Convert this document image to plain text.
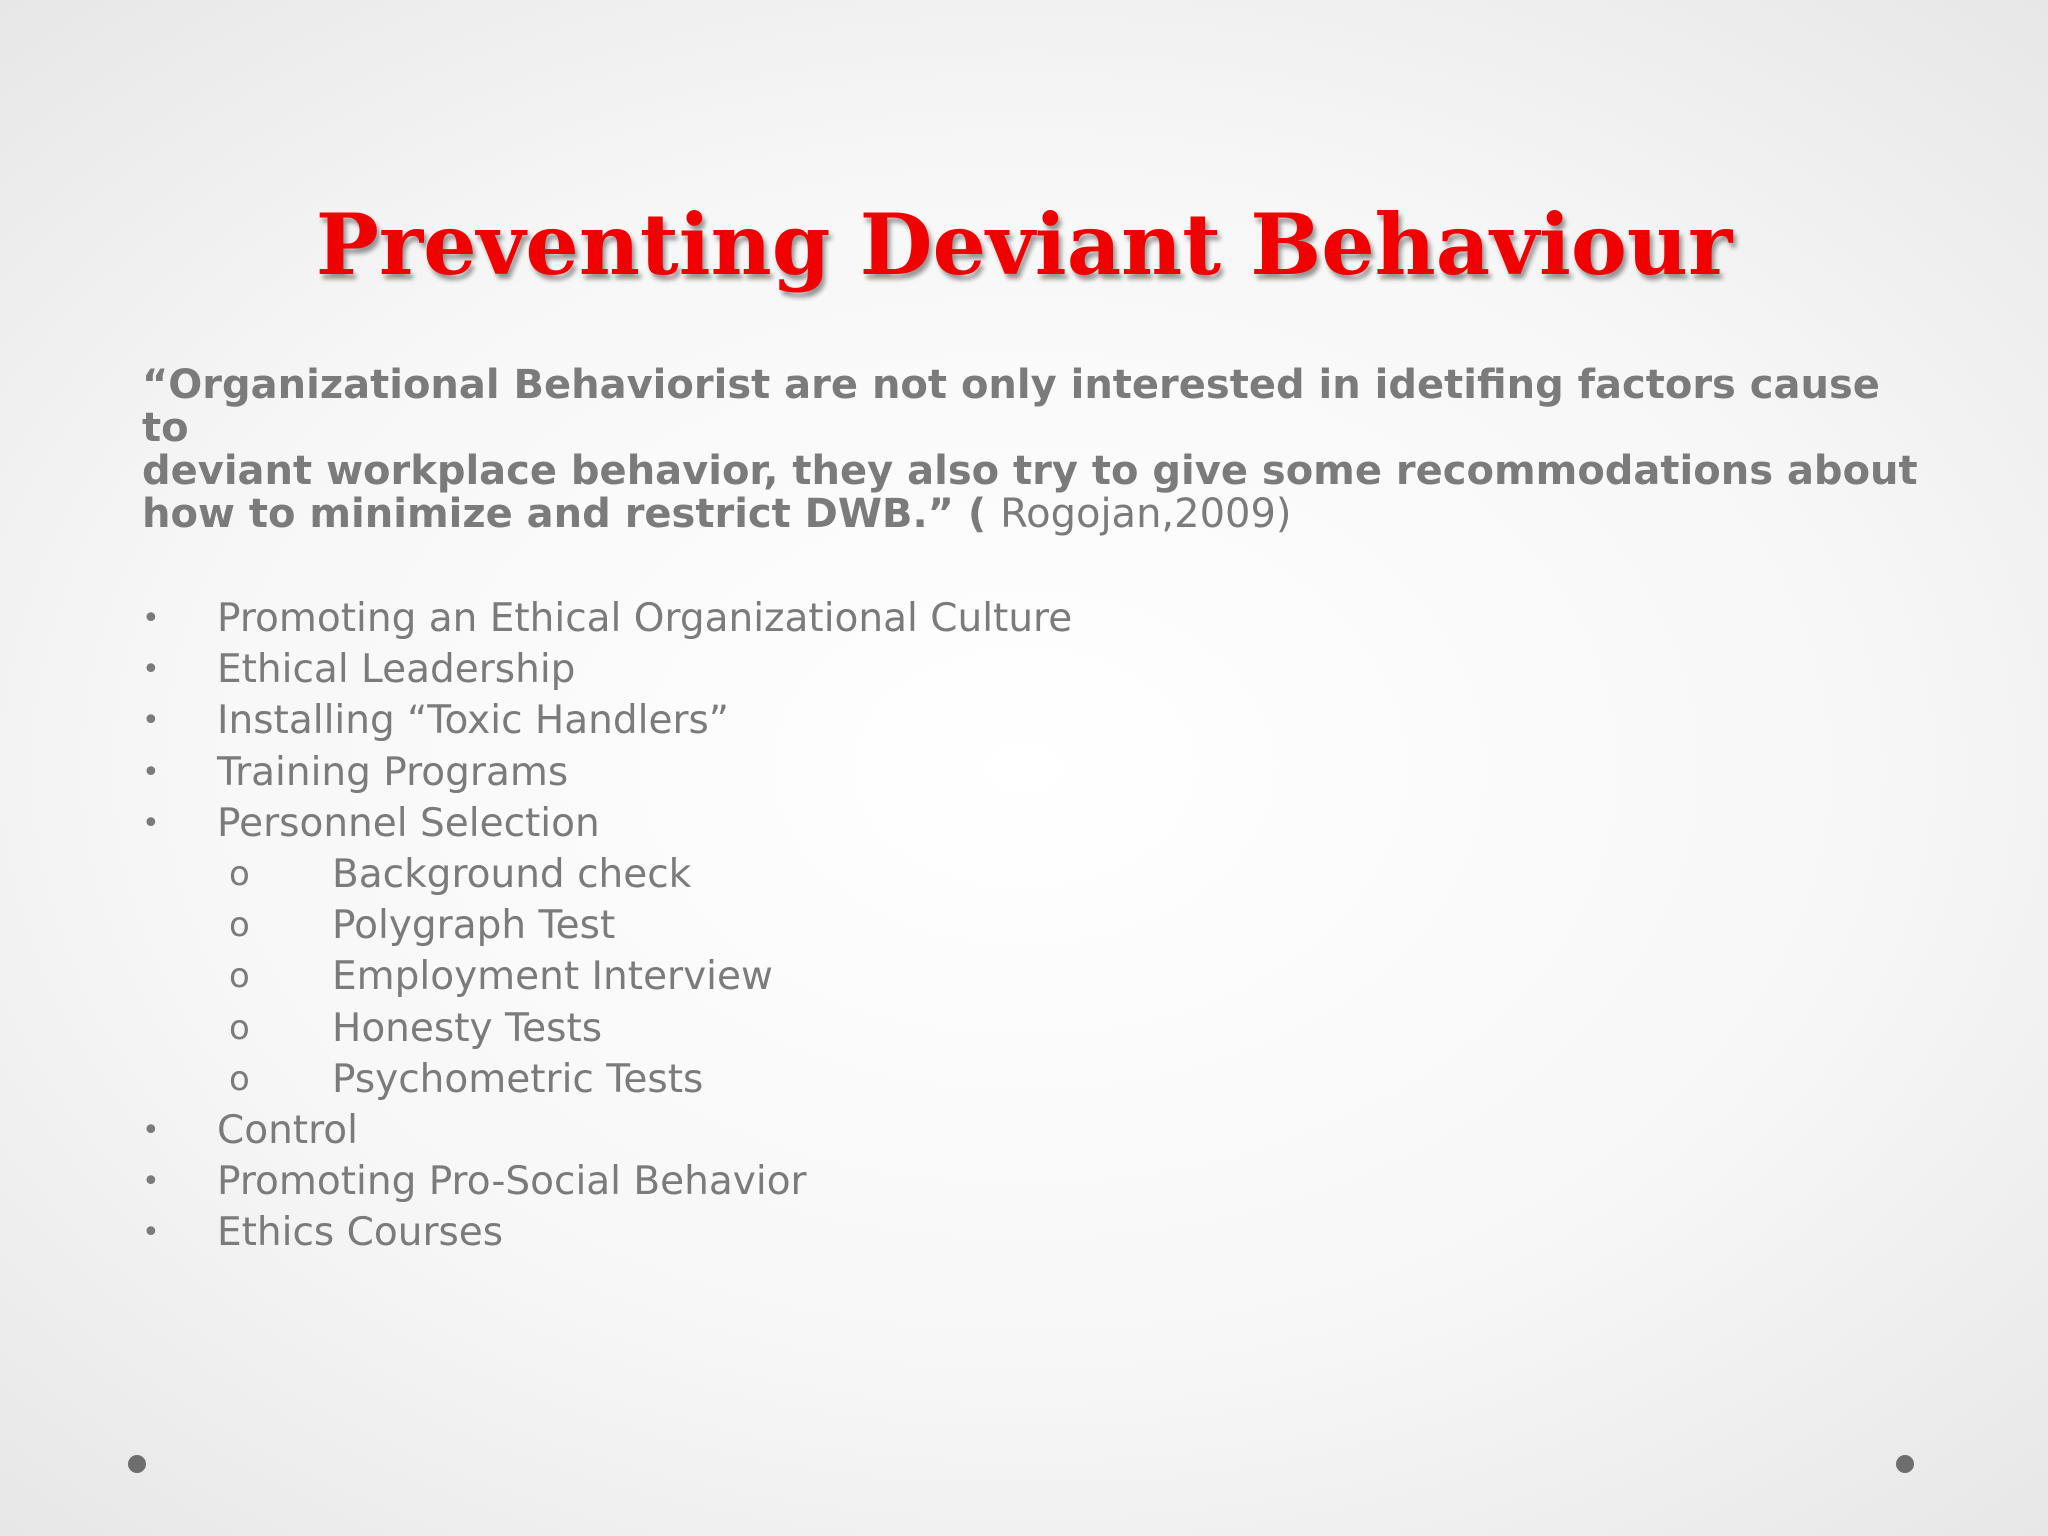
Preventing Deviant Behaviour

“Organizational Behaviorist are not only interested in idetifing factors cause to
deviant workplace behavior, they also try to give some recommodations about
how to minimize and restrict DWB.” ( Rogojan,2009)

• Promoting an Ethical Organizational Culture
• Ethical Leadership
• Installing “Toxic Handlers”
• Training Programs
• Personnel Selection
o Background check
o Polygraph Test
o Employment Interview
o Honesty Tests
o Psychometric Tests
• Control
• Promoting Pro-Social Behavior
• Ethics Courses
